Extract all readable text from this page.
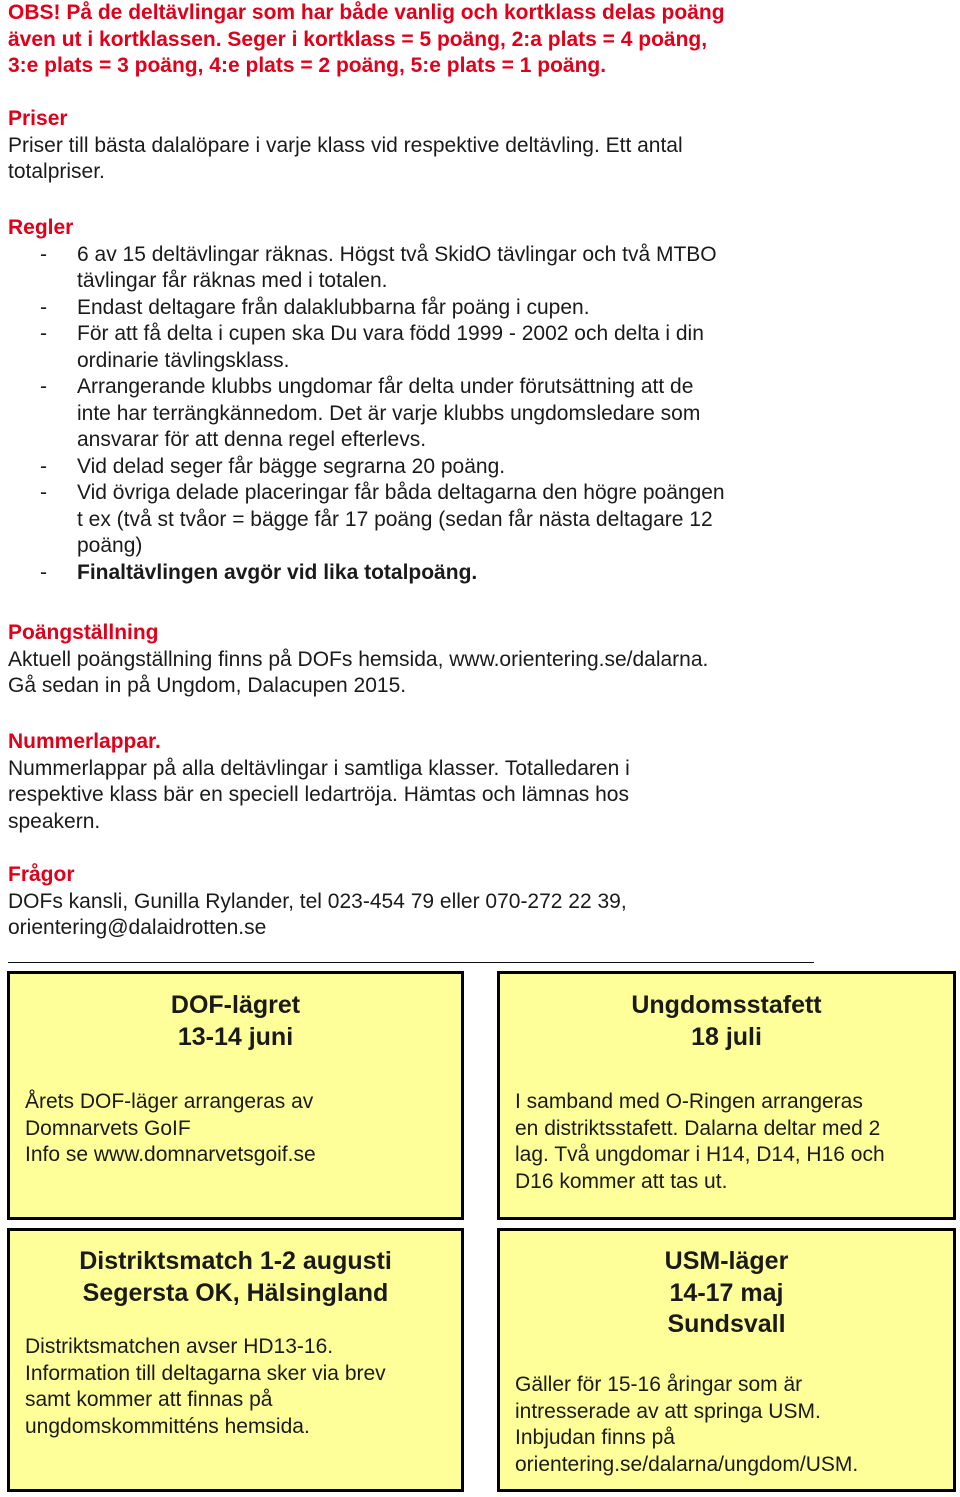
OBS! På de deltävlingar som har både vanlig och kortklass delas poäng
även ut i kortklassen. Seger i kortklass = 5 poäng, 2:a plats = 4 poäng,
3:e plats = 3 poäng, 4:e plats = 2 poäng, 5:e plats = 1 poäng.
Priser
Priser till bästa dalalöpare i varje klass vid respektive deltävling. Ett antal
totalpriser.
Regler
- 6 av 15 deltävlingar räknas. Högst två SkidO tävlingar och två MTBO
tävlingar får räknas med i totalen.
- Endast deltagare från dalaklubbarna får poäng i cupen.
- För att få delta i cupen ska Du vara född 1999 - 2002 och delta i din
ordinarie tävlingsklass.
- Arrangerande klubbs ungdomar får delta under förutsättning att de
inte har terrängkännedom. Det är varje klubbs ungdomsledare som
ansvarar för att denna regel efterlevs.
- Vid delad seger får bägge segrarna 20 poäng.
- Vid övriga delade placeringar får båda deltagarna den högre poängen
t ex (två st tvåor = bägge får 17 poäng (sedan får nästa deltagare 12
poäng)
- Finaltävlingen avgör vid lika totalpoäng.
Poängställning
Aktuell poängställning finns på DOFs hemsida, www.orientering.se/dalarna.
Gå sedan in på Ungdom, Dalacupen 2015.
Nummerlappar.
Nummerlappar på alla deltävlingar i samtliga klasser. Totalledaren i
respektive klass bär en speciell ledartröja. Hämtas och lämnas hos
speakern.
Frågor
DOFs kansli, Gunilla Rylander, tel 023-454 79 eller 070-272 22 39,
orientering@dalaidrotten.se
DOF-lägret
13-14 juni
Årets DOF-läger arrangeras av
Domnarvets GoIF
Info se www.domnarvetsgoif.se
Ungdomsstafett
18 juli
I samband med O-Ringen arrangeras
en distriktsstafett. Dalarna deltar med 2
lag. Två ungdomar i H14, D14, H16 och
D16 kommer att tas ut.
Distriktsmatch 1-2 augusti
Segersta OK, Hälsingland
Distriktsmatchen avser HD13-16.
Information till deltagarna sker via brev
samt kommer att finnas på
ungdomskommitténs hemsida.
USM-läger
14-17 maj
Sundsvall
Gäller för 15-16 åringar som är
intresserade av att springa USM.
Inbjudan finns på
orientering.se/dalarna/ungdom/USM.
